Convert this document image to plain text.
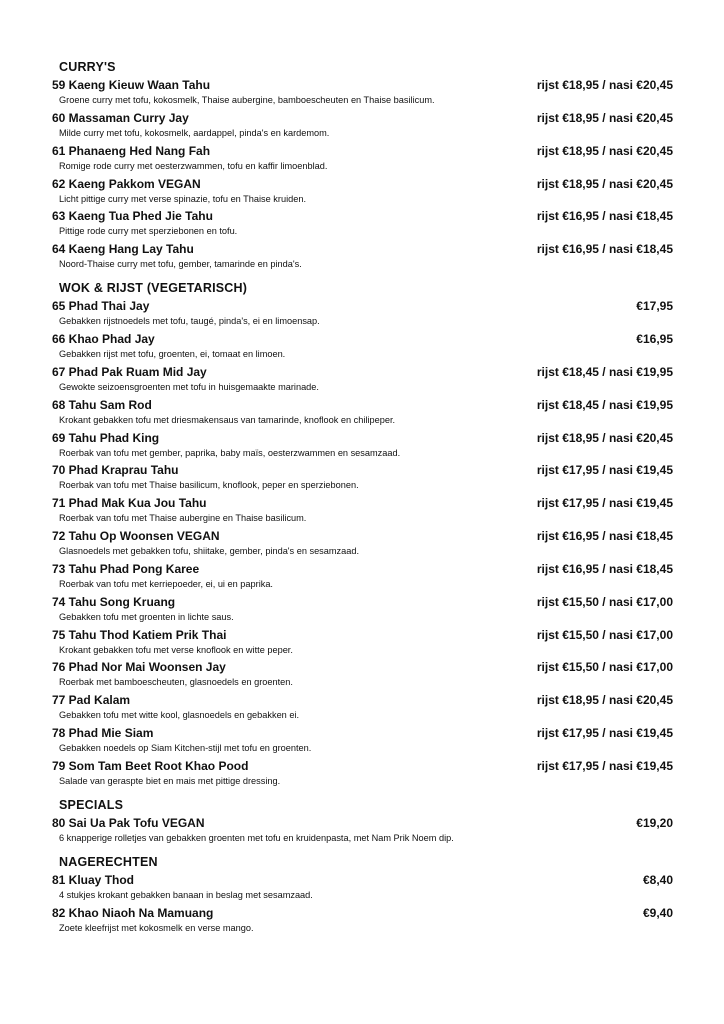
CURRY'S
59 Kaeng Kieuw Waan Tahu	rijst €18,95 / nasi €20,45
Groene curry met tofu, kokosmelk, Thaise aubergine, bamboescheuten en Thaise basilicum.
60 Massaman Curry Jay	rijst €18,95 / nasi €20,45
Milde curry met tofu, kokosmelk, aardappel, pinda's en kardemom.
61 Phanaeng Hed Nang Fah	rijst €18,95 / nasi €20,45
Romige rode curry met oesterzwammen, tofu en kaffir limoenblad.
62 Kaeng Pakkom VEGAN	rijst €18,95 / nasi €20,45
Licht pittige curry met verse spinazie, tofu en Thaise kruiden.
63 Kaeng Tua Phed Jie Tahu	rijst €16,95 / nasi €18,45
Pittige rode curry met sperziebonen en tofu.
64 Kaeng Hang Lay Tahu	rijst €16,95 / nasi €18,45
Noord-Thaise curry met tofu, gember, tamarinde en pinda's.
WOK & RIJST (VEGETARISCH)
65 Phad Thai Jay	€17,95
Gebakken rijstnoedels met tofu, taugé, pinda's, ei en limoensap.
66 Khao Phad Jay	€16,95
Gebakken rijst met tofu, groenten, ei, tomaat en limoen.
67 Phad Pak Ruam Mid Jay	rijst €18,45 / nasi €19,95
Gewokte seizoensgroenten met tofu in huisgemaakte marinade.
68 Tahu Sam Rod	rijst €18,45 / nasi €19,95
Krokant gebakken tofu met driesmakensaus van tamarinde, knoflook en chilipeper.
69 Tahu Phad King	rijst €18,95 / nasi €20,45
Roerbak van tofu met gember, paprika, baby maïs, oesterzwammen en sesamzaad.
70 Phad Kraprau Tahu	rijst €17,95 / nasi €19,45
Roerbak van tofu met Thaise basilicum, knoflook, peper en sperziebonen.
71 Phad Mak Kua Jou Tahu	rijst €17,95 / nasi €19,45
Roerbak van tofu met Thaise aubergine en Thaise basilicum.
72 Tahu Op Woonsen VEGAN	rijst €16,95 / nasi €18,45
Glasnoedels met gebakken tofu, shiitake, gember, pinda's en sesamzaad.
73 Tahu Phad Pong Karee	rijst €16,95 / nasi €18,45
Roerbak van tofu met kerriepoeder, ei, ui en paprika.
74 Tahu Song Kruang	rijst €15,50 / nasi €17,00
Gebakken tofu met groenten in lichte saus.
75 Tahu Thod Katiem Prik Thai	rijst €15,50 / nasi €17,00
Krokant gebakken tofu met verse knoflook en witte peper.
76 Phad Nor Mai Woonsen Jay	rijst €15,50 / nasi €17,00
Roerbak met bamboescheuten, glasnoedels en groenten.
77 Pad Kalam	rijst €18,95 / nasi €20,45
Gebakken tofu met witte kool, glasnoedels en gebakken ei.
78 Phad Mie Siam	rijst €17,95 / nasi €19,45
Gebakken noedels op Siam Kitchen-stijl met tofu en groenten.
79 Som Tam Beet Root Khao Pood	rijst €17,95 / nasi €19,45
Salade van geraspte biet en mais met pittige dressing.
SPECIALS
80 Sai Ua Pak Tofu VEGAN	€19,20
6 knapperige rolletjes van gebakken groenten met tofu en kruidenpasta, met Nam Prik Noem dip.
NAGERECHTEN
81 Kluay Thod	€8,40
4 stukjes krokant gebakken banaan in beslag met sesamzaad.
82 Khao Niaoh Na Mamuang	€9,40
Zoete kleefrijst met kokosmelk en verse mango.
